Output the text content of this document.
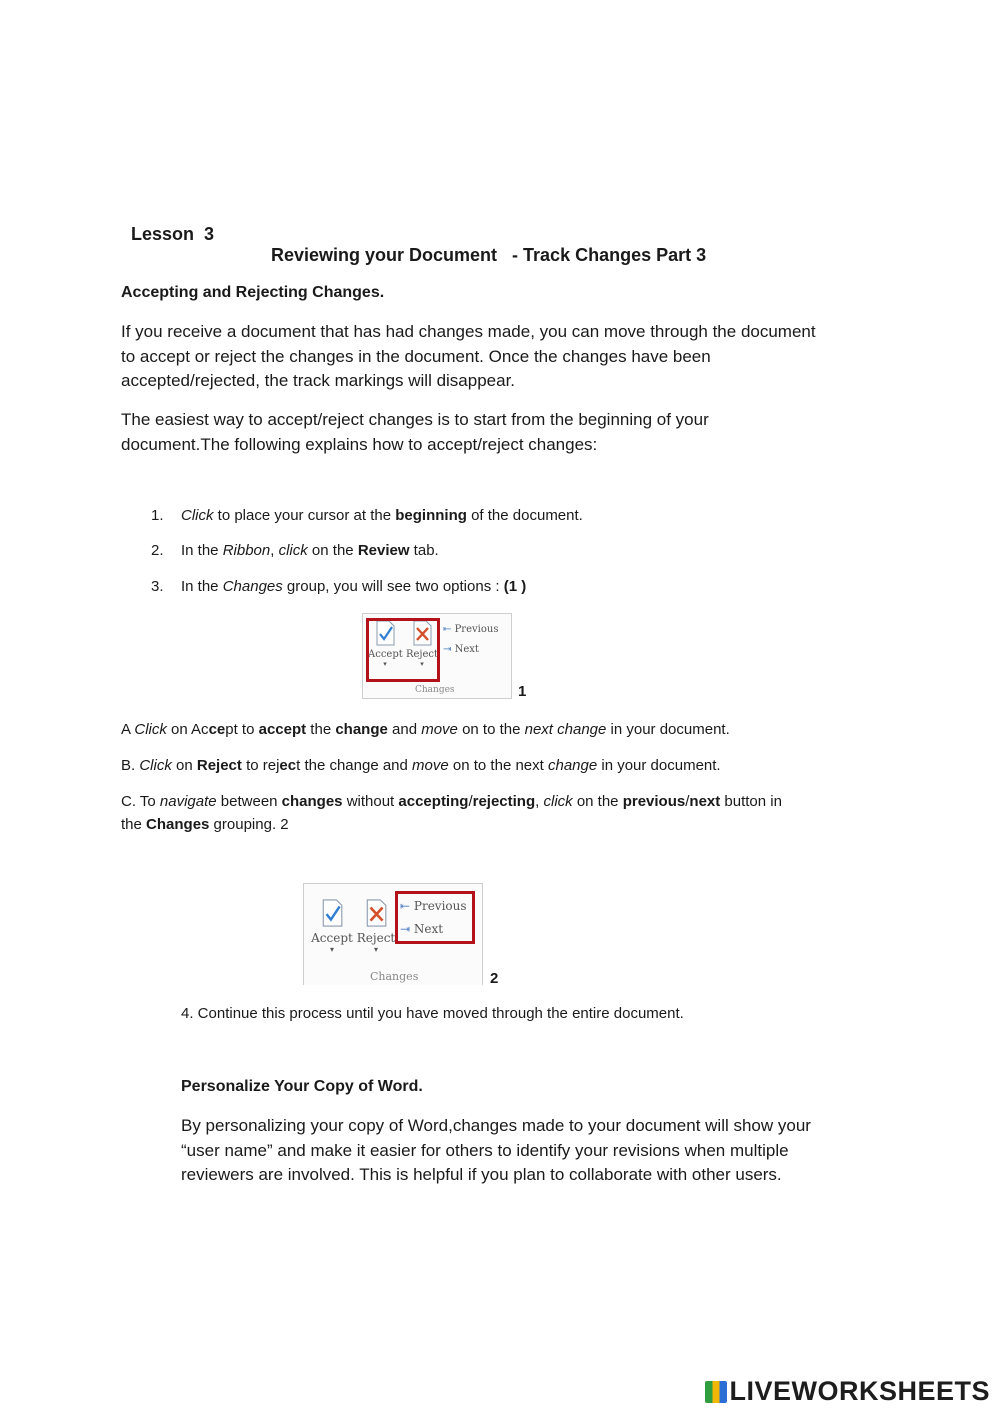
Lesson  3

Reviewing your Document   - Track Changes Part 3

Accepting and Rejecting Changes.
If you receive a document that has had changes made, you can move through the document
to accept or reject the changes in the document. Once the changes have been
accepted/rejected, the track markings will disappear.
The easiest way to accept/reject changes is to start from the beginning of your
document.The following explains how to accept/reject changes:
1. Click to place your cursor at the beginning of the document.
2. In the Ribbon, click on the Review tab.
3. In the Changes group, you will see two options : (1 )
Accept
▾
Reject
▾
⇤ Previous
⇥ Next
Changes	1
A Click on Accept to accept the change and move on to the next change in your document.
B. Click on Reject to reject the change and move on to the next change in your document.
C. To navigate between changes without accepting/rejecting, click on the previous/next button in
the Changes grouping. 2
Accept
▾
Reject
▾
⇤ Previous
⇥ Next
Changes	2
4. Continue this process until you have moved through the entire document.
Personalize Your Copy of Word.
By personalizing your copy of Word,changes made to your document will show your
“user name” and make it easier for others to identify your revisions when multiple
reviewers are involved. This is helpful if you plan to collaborate with other users.
LIVEWORKSHEETS
